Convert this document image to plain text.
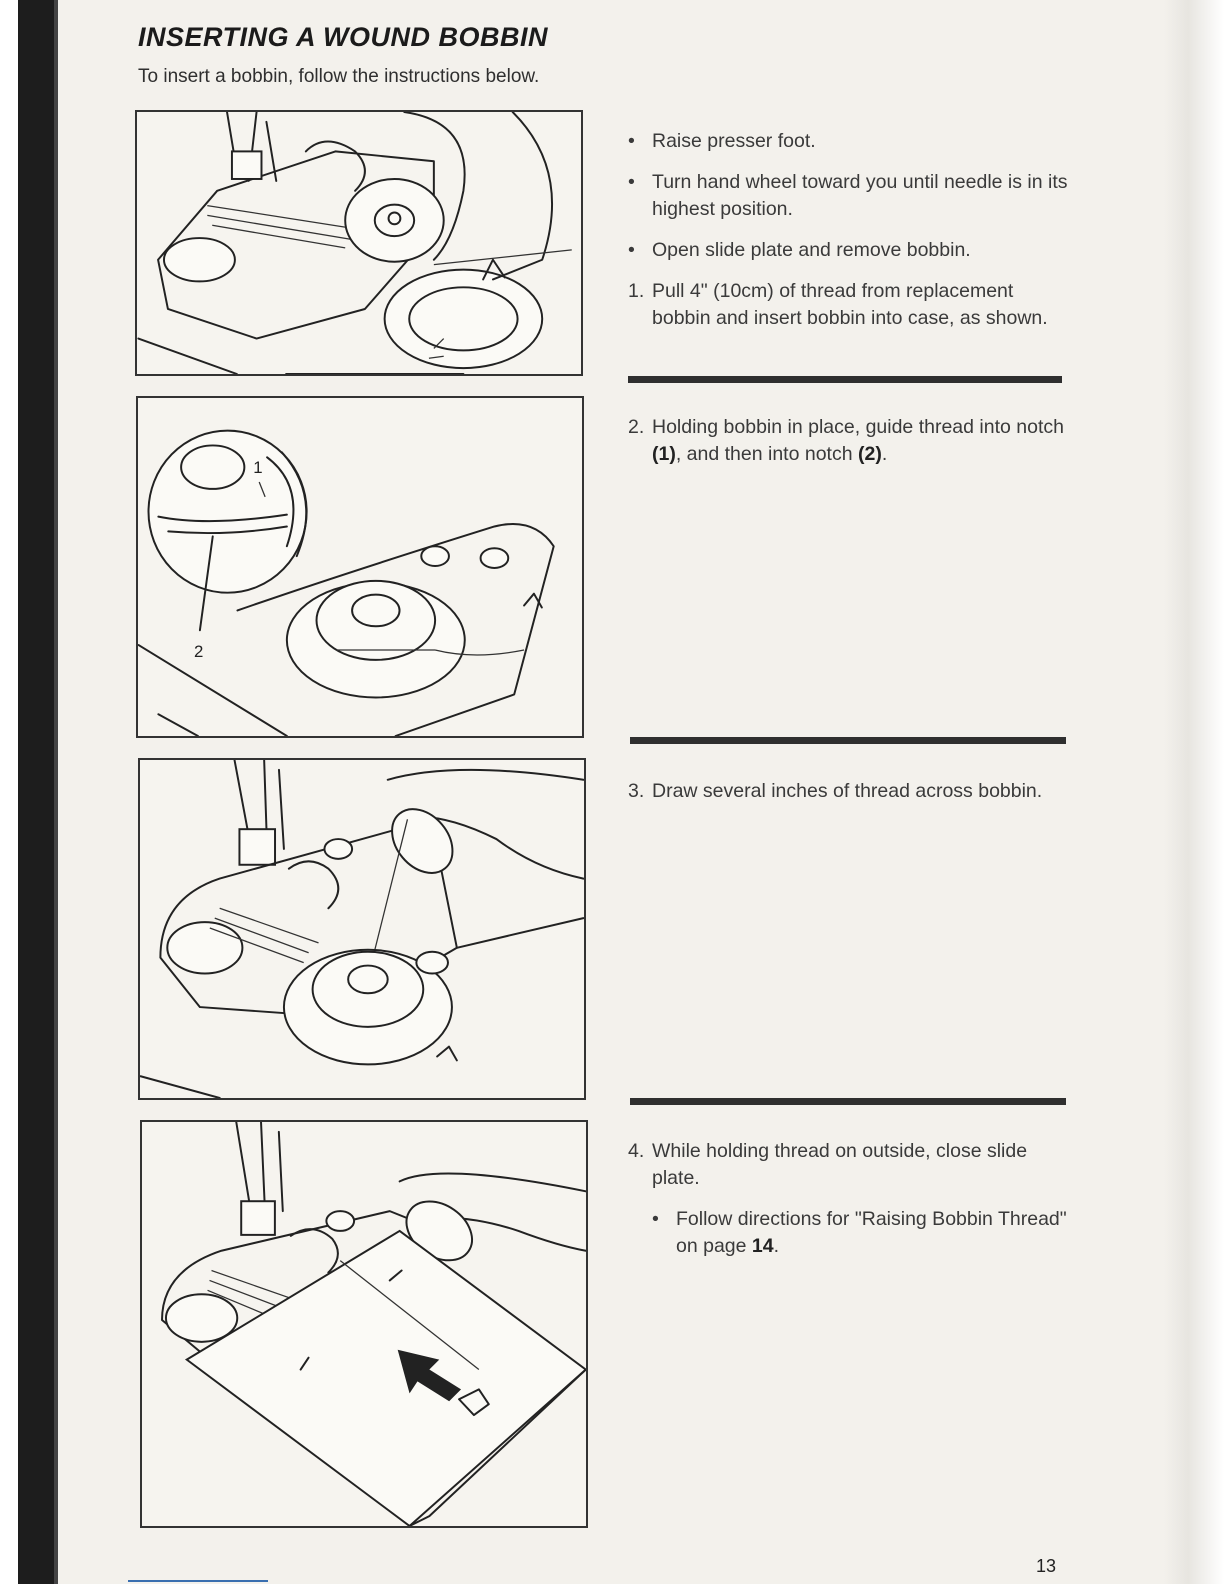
INSERTING A WOUND BOBBIN

To insert a bobbin, follow the instructions below.

1
2
• Raise presser foot.
• Turn hand wheel toward you until needle is in its highest position.
• Open slide plate and remove bobbin.
1. Pull 4" (10cm) of thread from replacement bobbin and insert bobbin into case, as shown.
2. Holding bobbin in place, guide thread into notch (1), and then into notch (2).
3. Draw several inches of thread across bobbin.
4. While holding thread on outside, close slide plate.
• Follow directions for "Raising Bobbin Thread" on page 14.
13
